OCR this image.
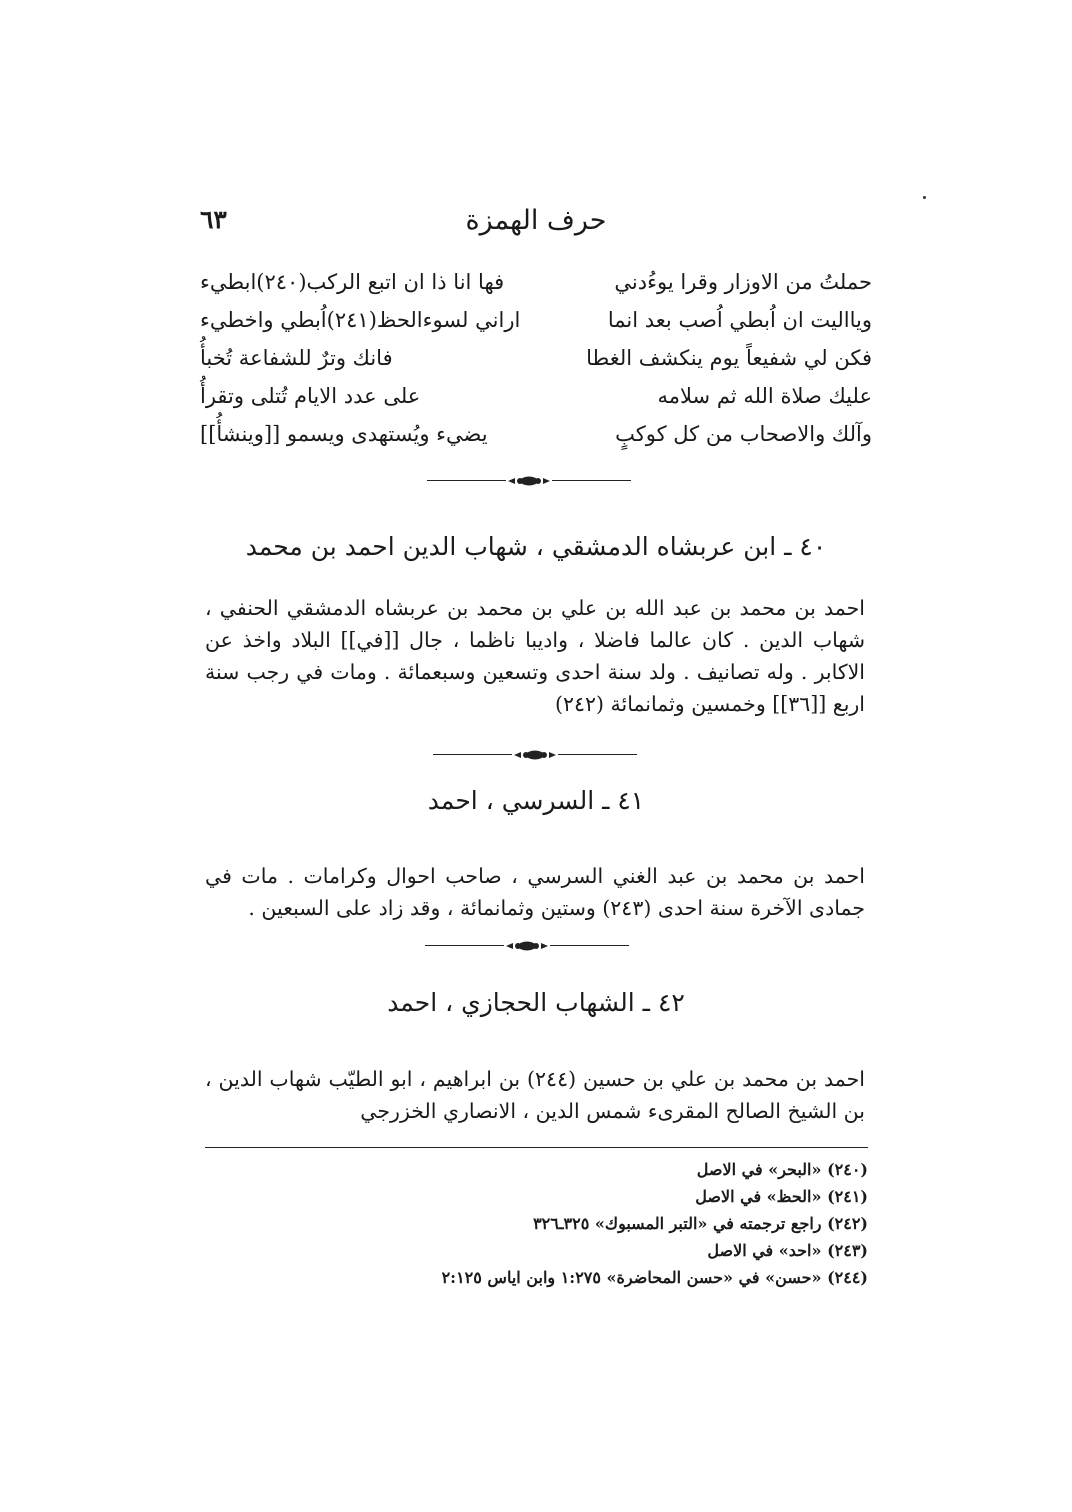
٦٣	حرف الهمزة
حملتُ من الاوزار وقرا يوءُدني
فها انا ذا ان اتبع الركب(٢٤٠)ابطيء
ويااليت ان اُبطي اُصب بعد انما
اراني لسوءالحظ(٢٤١)اُبطي واخطيء
فكن لي شفيعاً يوم ينكشف الغطا
فانك وترٌ للشفاعة تُخبأُ
عليك صلاة الله ثم سلامه
على عدد الايام تُتلى وتقرأُ
وآلك والاصحاب من كل كوكبٍ
يضيء ويُستهدى ويسمو [[وينشأُ]]
٤٠ ـ ابن عربشاه الدمشقي ، شهاب الدين احمد بن محمد
احمد بن محمد بن عبد الله بن علي بن محمد بن عربشاه الدمشقي الحنفي ، شهاب الدين . كان عالما فاضلا ، واديبا ناظما ، جال [[في]] البلاد واخذ عن الاكابر . وله تصانيف . ولد سنة احدى وتسعين وسبعمائة . ومات في رجب سنة اربع [[٣٦]] وخمسين وثمانمائة (٢٤٢)
٤١ ـ السرسي ، احمد
احمد بن محمد بن عبد الغني السرسي ، صاحب احوال وكرامات . مات في جمادى الآخرة سنة احدى (٢٤٣) وستين وثمانمائة ، وقد زاد على السبعين .
٤٢ ـ الشهاب الحجازي ، احمد
احمد بن محمد بن علي بن حسين (٢٤٤) بن ابراهيم ، ابو الطيّب شهاب الدين ، بن الشيخ الصالح المقرىء شمس الدين ، الانصاري الخزرجي
(٢٤٠) «البحر» في الاصل
(٢٤١) «الحظ» في الاصل
(٢٤٢) راجع ترجمته في «التبر المسبوك» ٣٢٥ـ٣٢٦
(٢٤٣) «احد» في الاصل
(٢٤٤) «حسن» في «حسن المحاضرة» ١:٢٧٥ وابن اياس ٢:١٢٥
